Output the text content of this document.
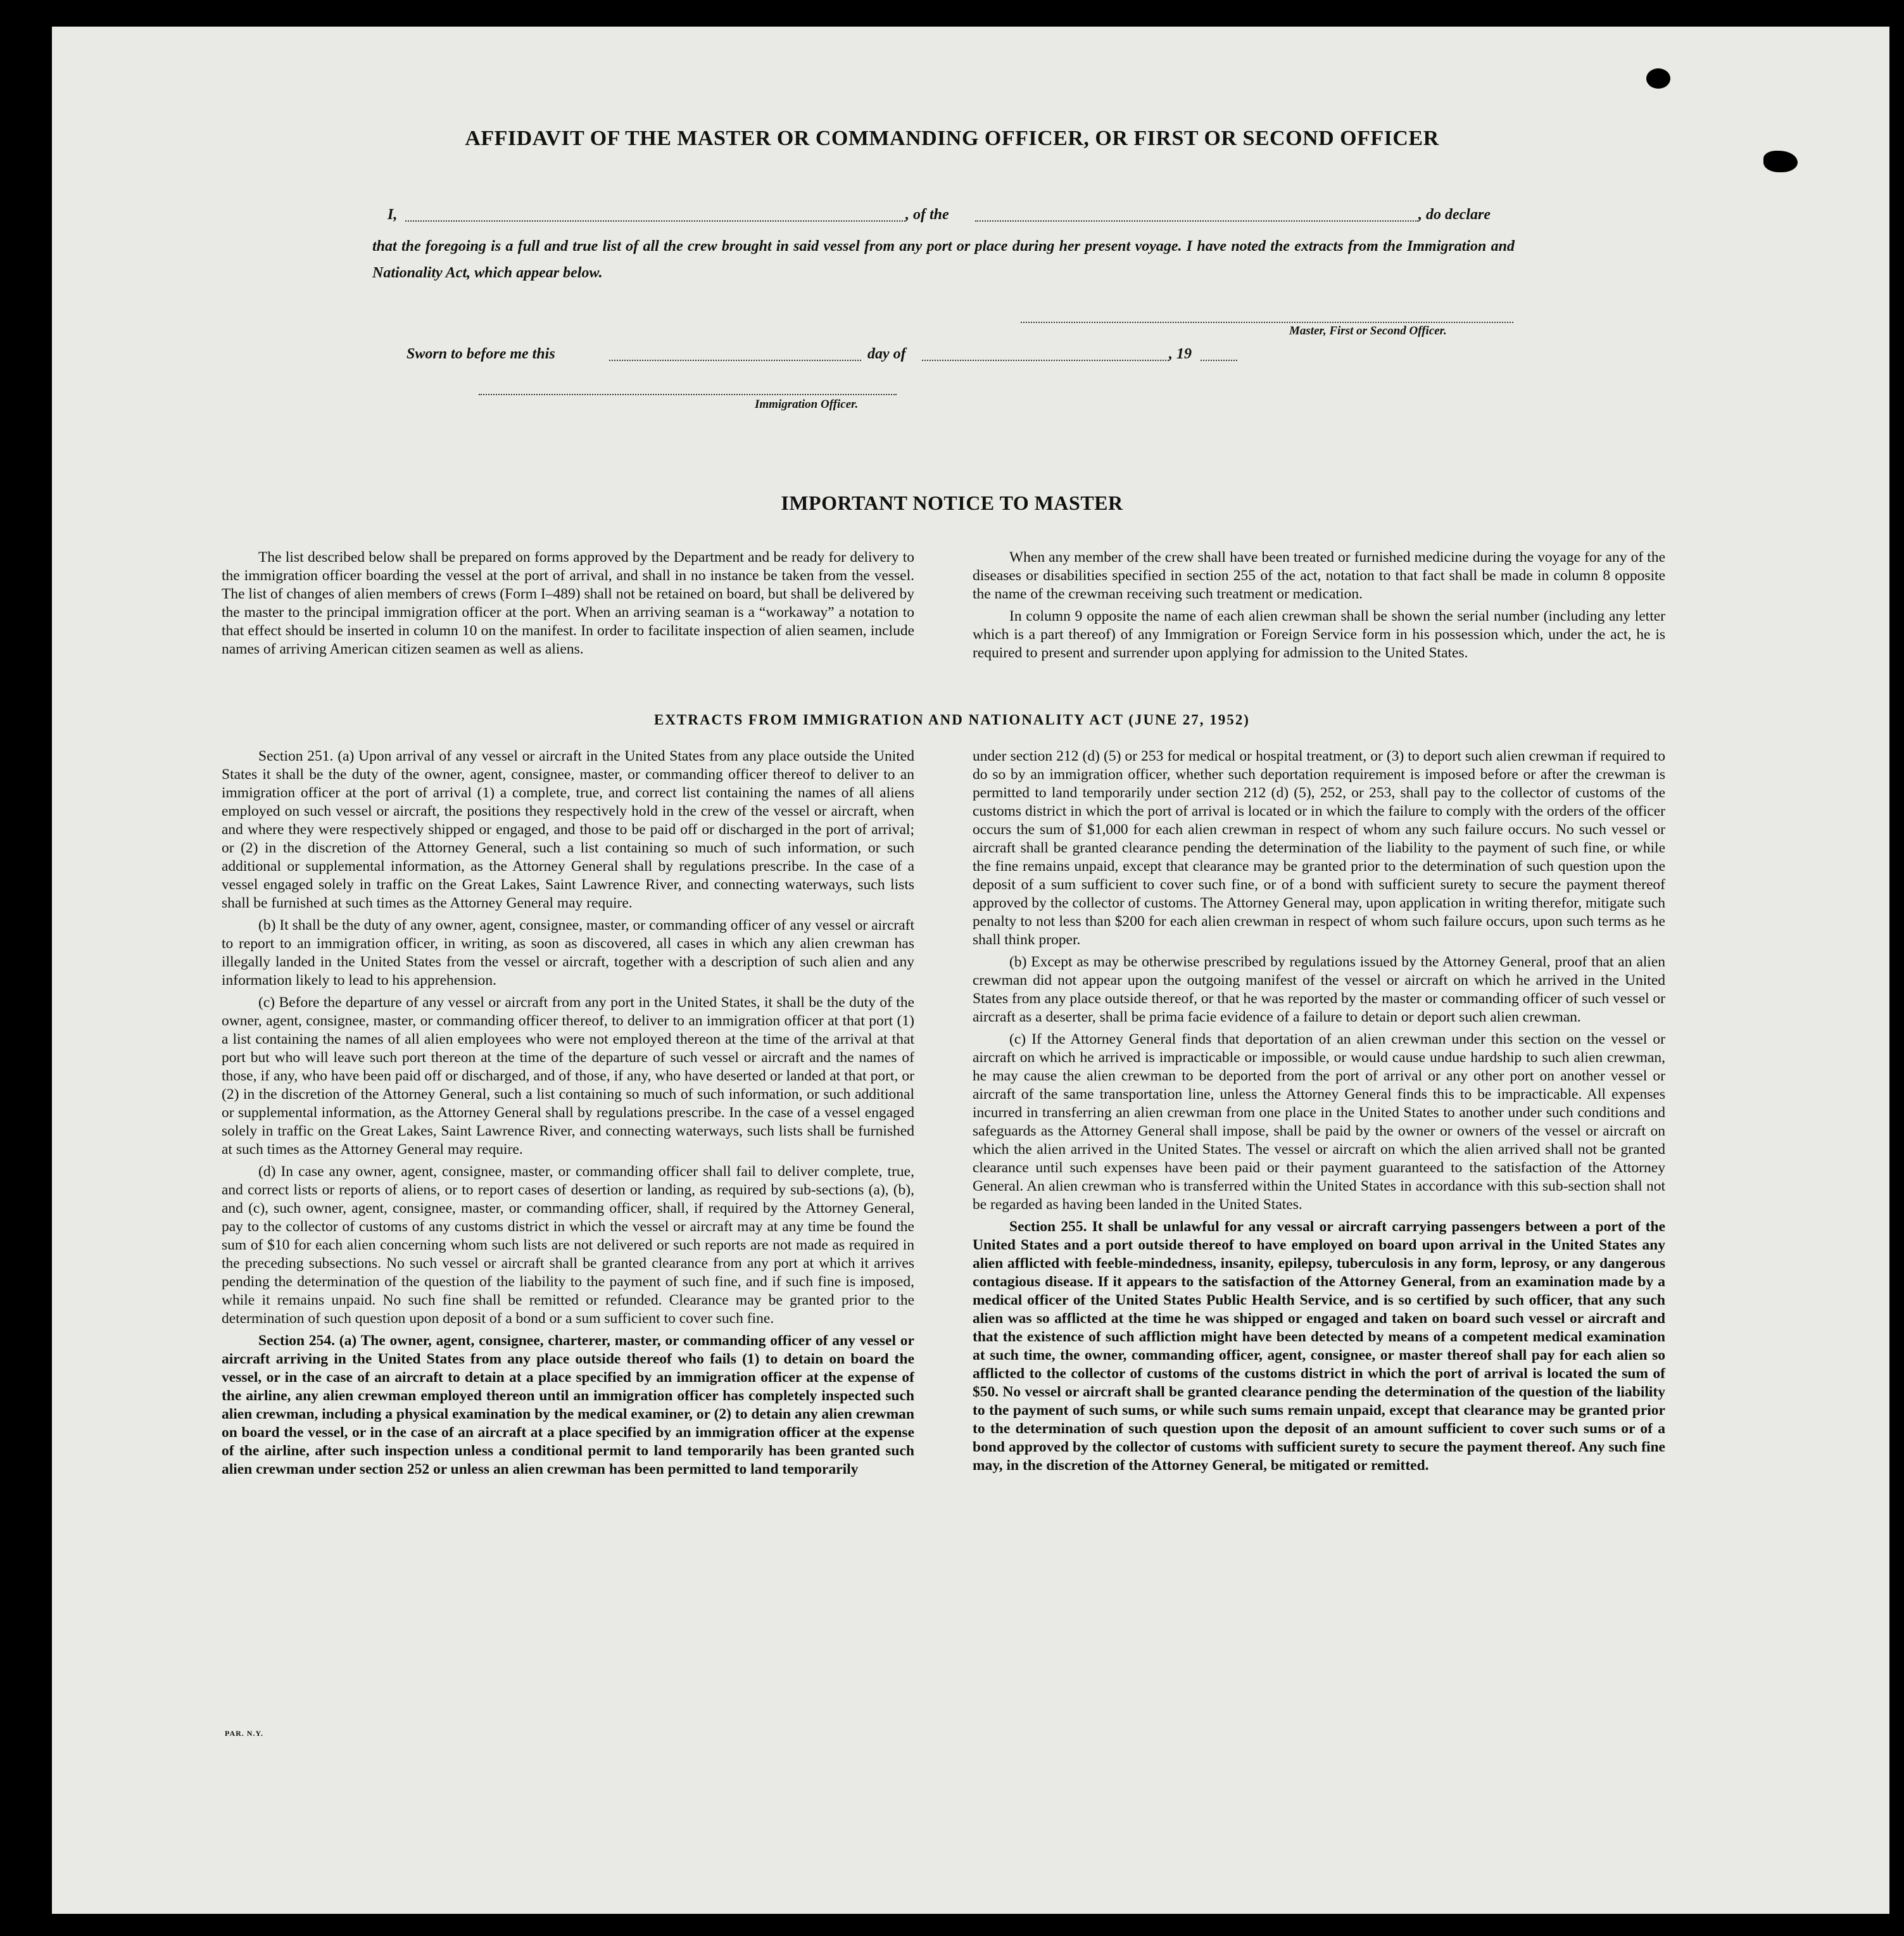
AFFIDAVIT OF THE MASTER OR COMMANDING OFFICER, OR FIRST OR SECOND OFFICER
I,	, of the	, do declare
that the foregoing is a full and true list of all the crew brought in said vessel from any port or place during her present voyage. I have noted the extracts from the Immigration and Nationality Act, which appear below.
Master, First or Second Officer.
Sworn to before me this	day of	, 19
Immigration Officer.
IMPORTANT NOTICE TO MASTER

The list described below shall be prepared on forms approved by the Department and be ready for delivery to the immigration officer boarding the vessel at the port of arrival, and shall in no instance be taken from the vessel. The list of changes of alien members of crews (Form I–489) shall not be retained on board, but shall be delivered by the master to the principal immigration officer at the port. When an arriving seaman is a “workaway” a notation to that effect should be inserted in column 10 on the manifest. In order to facilitate inspection of alien seamen, include names of arriving American citizen seamen as well as aliens.

When any member of the crew shall have been treated or furnished medicine during the voyage for any of the diseases or disabilities specified in section 255 of the act, notation to that fact shall be made in column 8 opposite the name of the crewman receiving such treatment or medication.

In column 9 opposite the name of each alien crewman shall be shown the serial number (including any letter which is a part thereof) of any Immigration or Foreign Service form in his possession which, under the act, he is required to present and surrender upon applying for admission to the United States.

EXTRACTS FROM IMMIGRATION AND NATIONALITY ACT (JUNE 27, 1952)

Section 251. (a) Upon arrival of any vessel or aircraft in the United States from any place outside the United States it shall be the duty of the owner, agent, consignee, master, or commanding officer thereof to deliver to an immigration officer at the port of arrival (1) a complete, true, and correct list containing the names of all aliens employed on such vessel or aircraft, the positions they respectively hold in the crew of the vessel or aircraft, when and where they were respectively shipped or engaged, and those to be paid off or discharged in the port of arrival; or (2) in the discretion of the Attorney General, such a list containing so much of such information, or such additional or supplemental information, as the Attorney General shall by regulations prescribe. In the case of a vessel engaged solely in traffic on the Great Lakes, Saint Lawrence River, and connecting waterways, such lists shall be furnished at such times as the Attorney General may require.

(b) It shall be the duty of any owner, agent, consignee, master, or commanding officer of any vessel or aircraft to report to an immigration officer, in writing, as soon as discovered, all cases in which any alien crewman has illegally landed in the United States from the vessel or aircraft, together with a description of such alien and any information likely to lead to his apprehension.

(c) Before the departure of any vessel or aircraft from any port in the United States, it shall be the duty of the owner, agent, consignee, master, or commanding officer thereof, to deliver to an immigration officer at that port (1) a list containing the names of all alien employees who were not employed thereon at the time of the arrival at that port but who will leave such port thereon at the time of the departure of such vessel or aircraft and the names of those, if any, who have been paid off or discharged, and of those, if any, who have deserted or landed at that port, or (2) in the discretion of the Attorney General, such a list containing so much of such information, or such additional or supplemental information, as the Attorney General shall by regulations prescribe. In the case of a vessel engaged solely in traffic on the Great Lakes, Saint Lawrence River, and connecting waterways, such lists shall be furnished at such times as the Attorney General may require.

(d) In case any owner, agent, consignee, master, or commanding officer shall fail to deliver complete, true, and correct lists or reports of aliens, or to report cases of desertion or landing, as required by sub-sections (a), (b), and (c), such owner, agent, consignee, master, or commanding officer, shall, if required by the Attorney General, pay to the collector of customs of any customs district in which the vessel or aircraft may at any time be found the sum of $10 for each alien concerning whom such lists are not delivered or such reports are not made as required in the preceding subsections. No such vessel or aircraft shall be granted clearance from any port at which it arrives pending the determination of the question of the liability to the payment of such fine, and if such fine is imposed, while it remains unpaid. No such fine shall be remitted or refunded. Clearance may be granted prior to the determination of such question upon deposit of a bond or a sum sufficient to cover such fine.

Section 254. (a) The owner, agent, consignee, charterer, master, or commanding officer of any vessel or aircraft arriving in the United States from any place outside thereof who fails (1) to detain on board the vessel, or in the case of an aircraft to detain at a place specified by an immigration officer at the expense of the airline, any alien crewman employed thereon until an immigration officer has completely inspected such alien crewman, including a physical examination by the medical examiner, or (2) to detain any alien crewman on board the vessel, or in the case of an aircraft at a place specified by an immigration officer at the expense of the airline, after such inspection unless a conditional permit to land temporarily has been granted such alien crewman under section 252 or unless an alien crewman has been permitted to land temporarily

under section 212 (d) (5) or 253 for medical or hospital treatment, or (3) to deport such alien crewman if required to do so by an immigration officer, whether such deportation requirement is imposed before or after the crewman is permitted to land temporarily under section 212 (d) (5), 252, or 253, shall pay to the collector of customs of the customs district in which the port of arrival is located or in which the failure to comply with the orders of the officer occurs the sum of $1,000 for each alien crewman in respect of whom any such failure occurs. No such vessel or aircraft shall be granted clearance pending the determination of the liability to the payment of such fine, or while the fine remains unpaid, except that clearance may be granted prior to the determination of such question upon the deposit of a sum sufficient to cover such fine, or of a bond with sufficient surety to secure the payment thereof approved by the collector of customs. The Attorney General may, upon application in writing therefor, mitigate such penalty to not less than $200 for each alien crewman in respect of whom such failure occurs, upon such terms as he shall think proper.

(b) Except as may be otherwise prescribed by regulations issued by the Attorney General, proof that an alien crewman did not appear upon the outgoing manifest of the vessel or aircraft on which he arrived in the United States from any place outside thereof, or that he was reported by the master or commanding officer of such vessel or aircraft as a deserter, shall be prima facie evidence of a failure to detain or deport such alien crewman.

(c) If the Attorney General finds that deportation of an alien crewman under this section on the vessel or aircraft on which he arrived is impracticable or impossible, or would cause undue hardship to such alien crewman, he may cause the alien crewman to be deported from the port of arrival or any other port on another vessel or aircraft of the same transportation line, unless the Attorney General finds this to be impracticable. All expenses incurred in transferring an alien crewman from one place in the United States to another under such conditions and safeguards as the Attorney General shall impose, shall be paid by the owner or owners of the vessel or aircraft on which the alien arrived in the United States. The vessel or aircraft on which the alien arrived shall not be granted clearance until such expenses have been paid or their payment guaranteed to the satisfaction of the Attorney General. An alien crewman who is transferred within the United States in accordance with this sub-section shall not be regarded as having been landed in the United States.

Section 255. It shall be unlawful for any vessal or aircraft carrying passengers between a port of the United States and a port outside thereof to have employed on board upon arrival in the United States any alien afflicted with feeble-mindedness, insanity, epilepsy, tuberculosis in any form, leprosy, or any dangerous contagious disease. If it appears to the satisfaction of the Attorney General, from an examination made by a medical officer of the United States Public Health Service, and is so certified by such officer, that any such alien was so afflicted at the time he was shipped or engaged and taken on board such vessel or aircraft and that the existence of such affliction might have been detected by means of a competent medical examination at such time, the owner, commanding officer, agent, consignee, or master thereof shall pay for each alien so afflicted to the collector of customs of the customs district in which the port of arrival is located the sum of $50. No vessel or aircraft shall be granted clearance pending the determination of the question of the liability to the payment of such sums, or while such sums remain unpaid, except that clearance may be granted prior to the determination of such question upon the deposit of an amount sufficient to cover such sums or of a bond approved by the collector of customs with sufficient surety to secure the payment thereof. Any such fine may, in the discretion of the Attorney General, be mitigated or remitted.

PAR. N.Y.
